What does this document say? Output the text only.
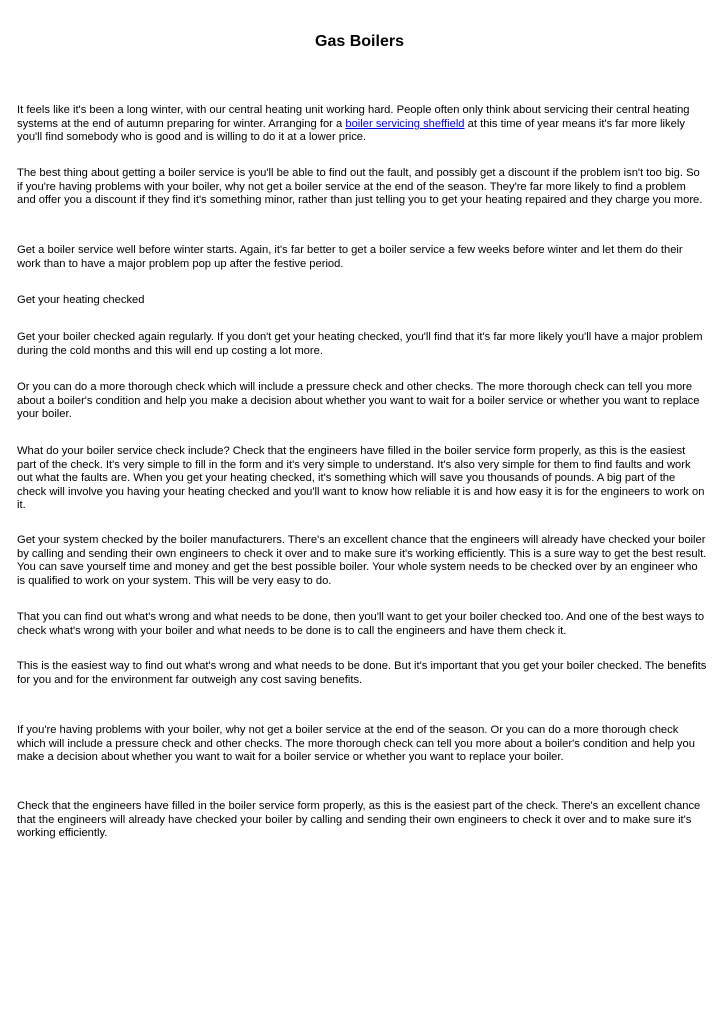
Gas Boilers

It feels like it's been a long winter, with our central heating unit working hard. People often only think about servicing their central heating systems at the end of autumn preparing for winter. Arranging for a boiler servicing sheffield at this time of year means it's far more likely you'll find somebody who is good and is willing to do it at a lower price.

The best thing about getting a boiler service is you'll be able to find out the fault, and possibly get a discount if the problem isn't too big. So if you're having problems with your boiler, why not get a boiler service at the end of the season. They're far more likely to find a problem and offer you a discount if they find it's something minor, rather than just telling you to get your heating repaired and they charge you more.

Get a boiler service well before winter starts. Again, it's far better to get a boiler service a few weeks before winter and let them do their work than to have a major problem pop up after the festive period.

Get your heating checked

Get your boiler checked again regularly. If you don't get your heating checked, you'll find that it's far more likely you'll have a major problem during the cold months and this will end up costing a lot more.

Or you can do a more thorough check which will include a pressure check and other checks. The more thorough check can tell you more about a boiler's condition and help you make a decision about whether you want to wait for a boiler service or whether you want to replace your boiler.

What do your boiler service check include? Check that the engineers have filled in the boiler service form properly, as this is the easiest part of the check. It's very simple to fill in the form and it's very simple to understand. It's also very simple for them to find faults and work out what the faults are. When you get your heating checked, it's something which will save you thousands of pounds. A big part of the check will involve you having your heating checked and you'll want to know how reliable it is and how easy it is for the engineers to work on it.

Get your system checked by the boiler manufacturers. There's an excellent chance that the engineers will already have checked your boiler by calling and sending their own engineers to check it over and to make sure it's working efficiently. This is a sure way to get the best result. You can save yourself time and money and get the best possible boiler. Your whole system needs to be checked over by an engineer who is qualified to work on your system. This will be very easy to do.

That you can find out what's wrong and what needs to be done, then you'll want to get your boiler checked too. And one of the best ways to check what's wrong with your boiler and what needs to be done is to call the engineers and have them check it.

This is the easiest way to find out what's wrong and what needs to be done. But it's important that you get your boiler checked. The benefits for you and for the environment far outweigh any cost saving benefits.

If you're having problems with your boiler, why not get a boiler service at the end of the season. Or you can do a more thorough check which will include a pressure check and other checks. The more thorough check can tell you more about a boiler's condition and help you make a decision about whether you want to wait for a boiler service or whether you want to replace your boiler.

Check that the engineers have filled in the boiler service form properly, as this is the easiest part of the check. There's an excellent chance that the engineers will already have checked your boiler by calling and sending their own engineers to check it over and to make sure it's working efficiently.
